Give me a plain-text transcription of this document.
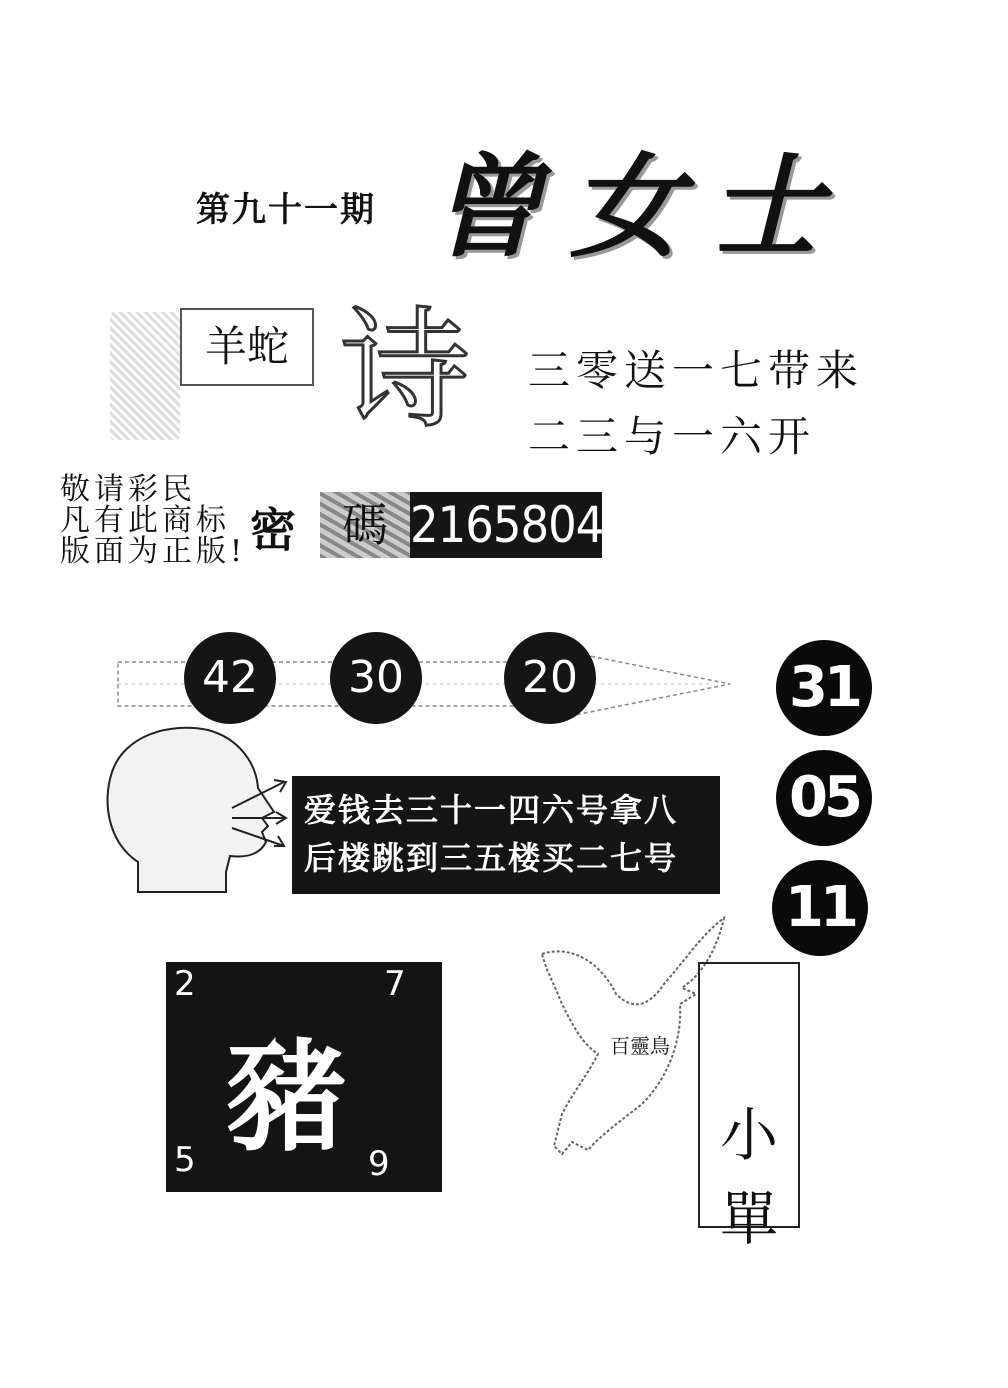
第九十一期 曾女士
羊蛇 诗 三零送一七带来
二三与一六开
敬请彩民
凡有此商标
版面为正版! 密	碼 2165804
42	30	20	31
05
11
爱钱去三十一四六号拿八
后楼跳到三五楼买二七号
2	7
豬
5	9
百靈鳥
小
單
